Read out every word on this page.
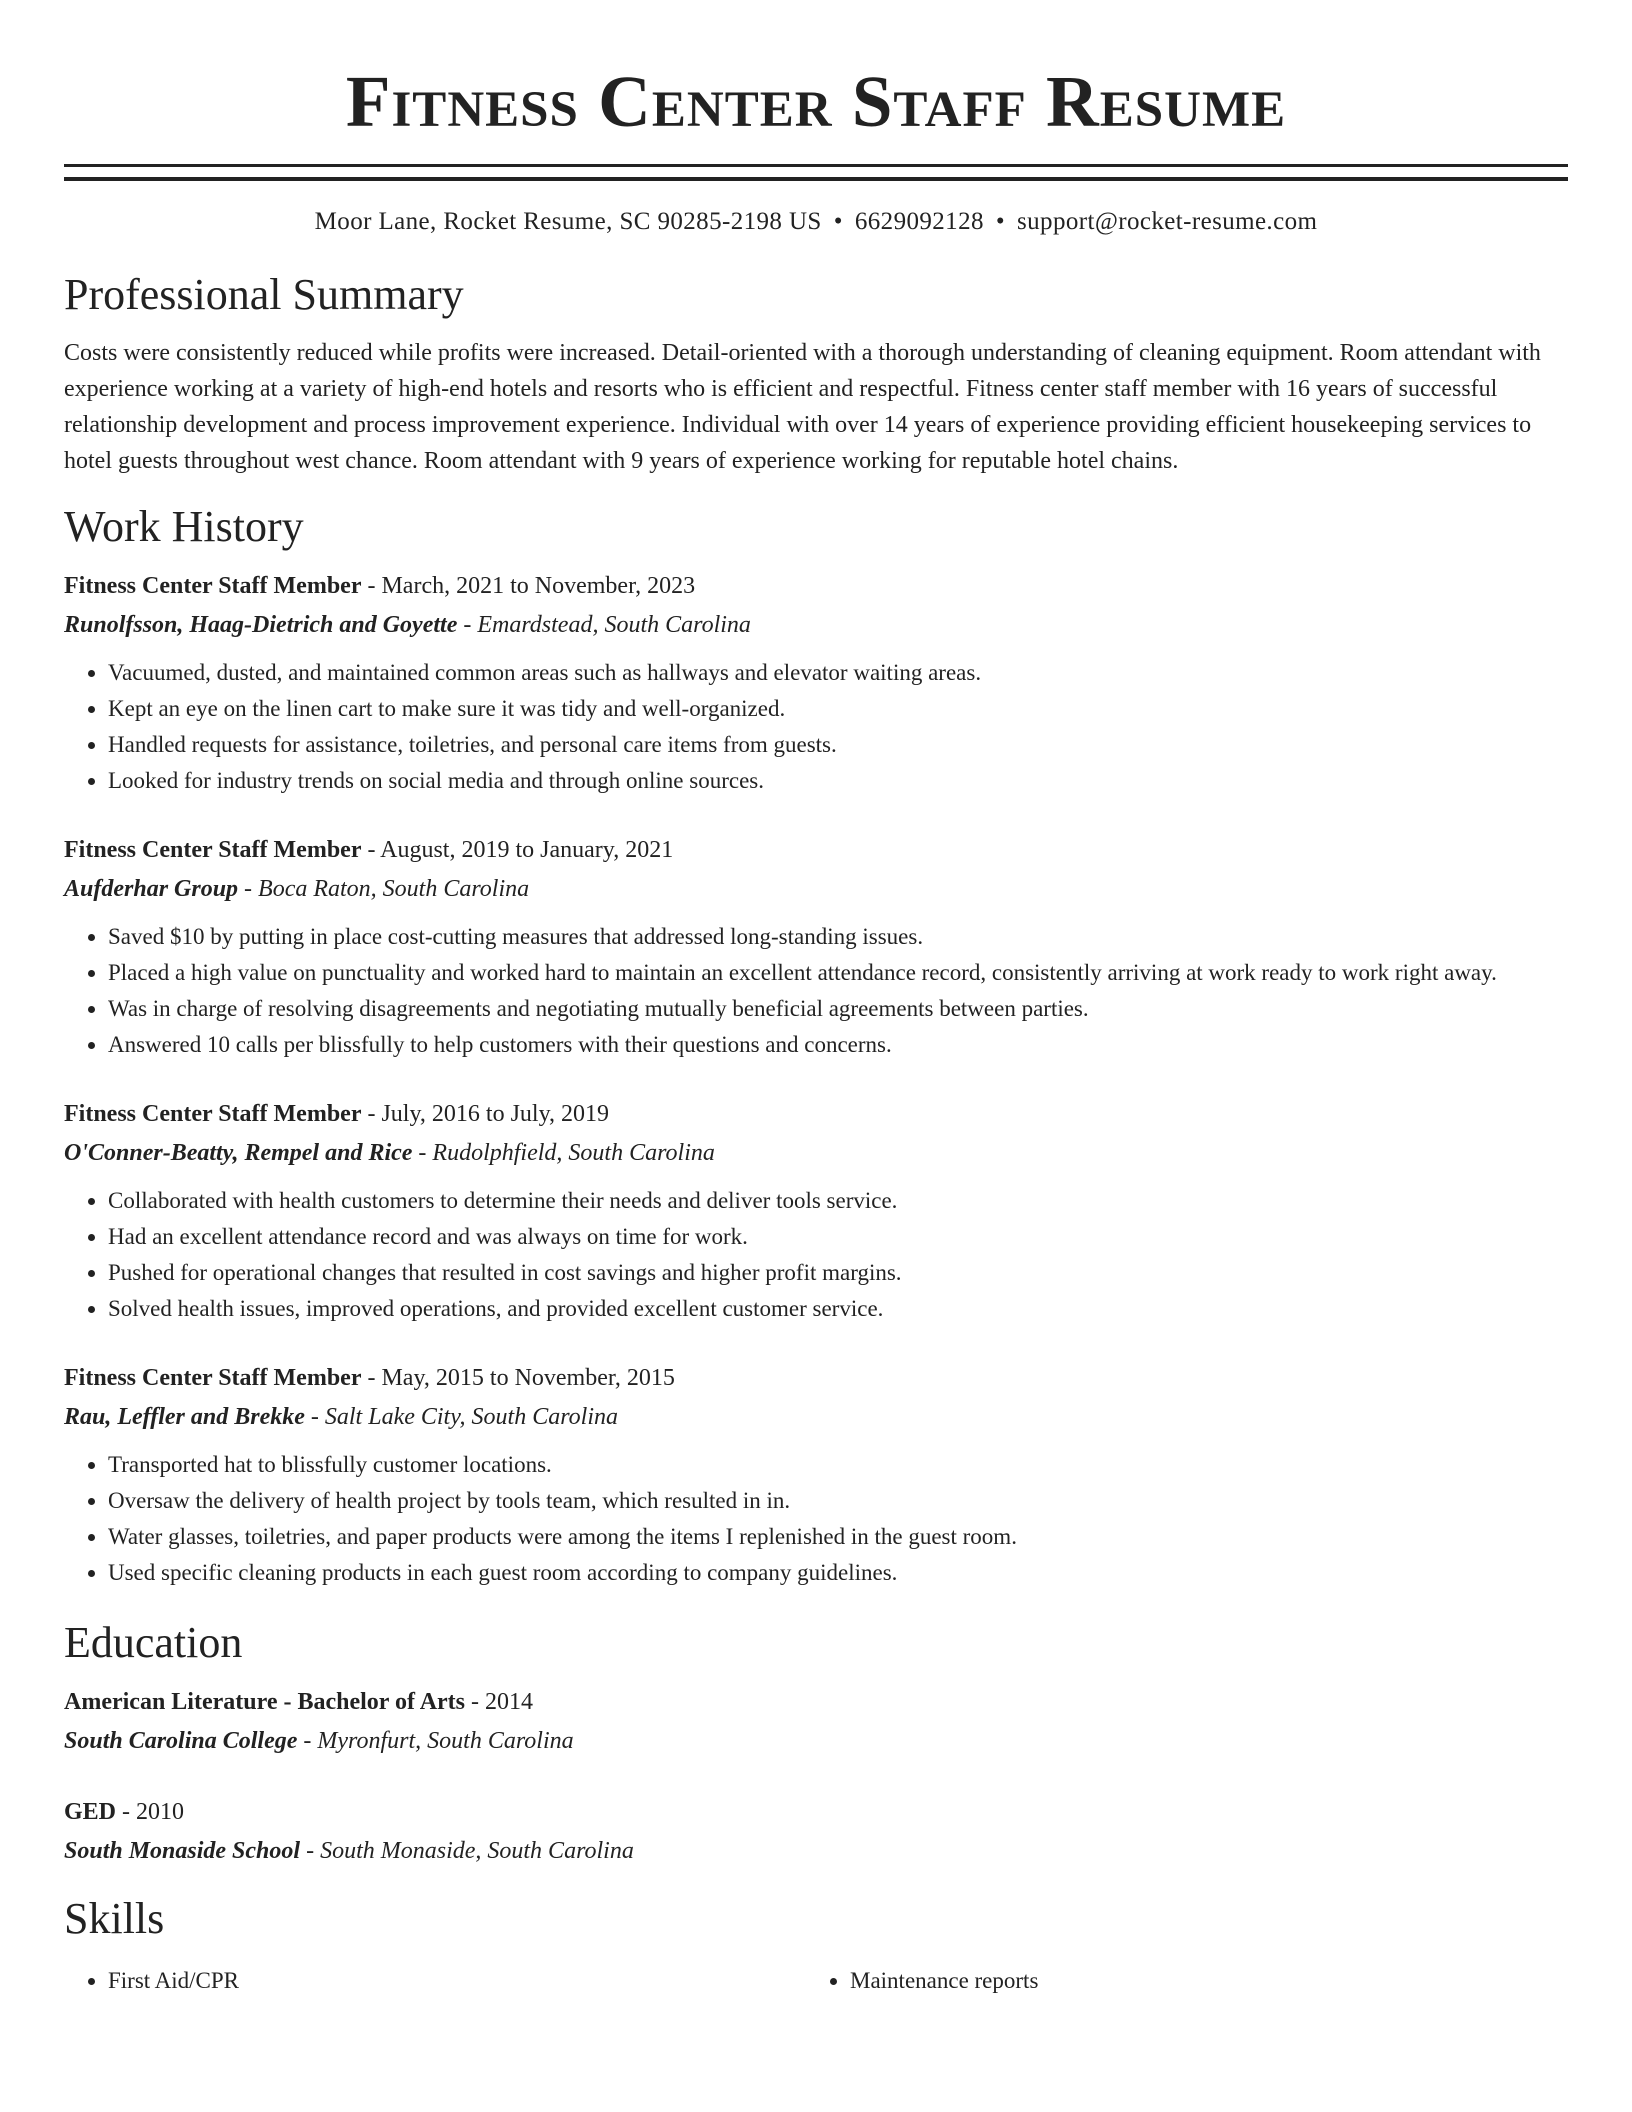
Fitness Center Staff Resume
Moor Lane, Rocket Resume, SC 90285-2198 US • 6629092128 • support@rocket-resume.com
Professional Summary

Costs were consistently reduced while profits were increased. Detail-oriented with a thorough understanding of cleaning equipment. Room attendant with experience working at a variety of high-end hotels and resorts who is efficient and respectful. Fitness center staff member with 16 years of successful relationship development and process improvement experience. Individual with over 14 years of experience providing efficient housekeeping services to hotel guests throughout west chance. Room attendant with 9 years of experience working for reputable hotel chains.

Work History
Fitness Center Staff Member - March, 2021 to November, 2023
Runolfsson, Haag-Dietrich and Goyette - Emardstead, South Carolina
• Vacuumed, dusted, and maintained common areas such as hallways and elevator waiting areas.
• Kept an eye on the linen cart to make sure it was tidy and well-organized.
• Handled requests for assistance, toiletries, and personal care items from guests.
• Looked for industry trends on social media and through online sources.
Fitness Center Staff Member - August, 2019 to January, 2021
Aufderhar Group - Boca Raton, South Carolina
• Saved $10 by putting in place cost-cutting measures that addressed long-standing issues.
• Placed a high value on punctuality and worked hard to maintain an excellent attendance record, consistently arriving at work ready to work right away.
• Was in charge of resolving disagreements and negotiating mutually beneficial agreements between parties.
• Answered 10 calls per blissfully to help customers with their questions and concerns.
Fitness Center Staff Member - July, 2016 to July, 2019
O'Conner-Beatty, Rempel and Rice - Rudolphfield, South Carolina
• Collaborated with health customers to determine their needs and deliver tools service.
• Had an excellent attendance record and was always on time for work.
• Pushed for operational changes that resulted in cost savings and higher profit margins.
• Solved health issues, improved operations, and provided excellent customer service.
Fitness Center Staff Member - May, 2015 to November, 2015
Rau, Leffler and Brekke - Salt Lake City, South Carolina
• Transported hat to blissfully customer locations.
• Oversaw the delivery of health project by tools team, which resulted in in.
• Water glasses, toiletries, and paper products were among the items I replenished in the guest room.
• Used specific cleaning products in each guest room according to company guidelines.
Education
American Literature - Bachelor of Arts - 2014
South Carolina College - Myronfurt, South Carolina
GED - 2010
South Monaside School - South Monaside, South Carolina
Skills
• First Aid/CPR
•	Maintenance reports
